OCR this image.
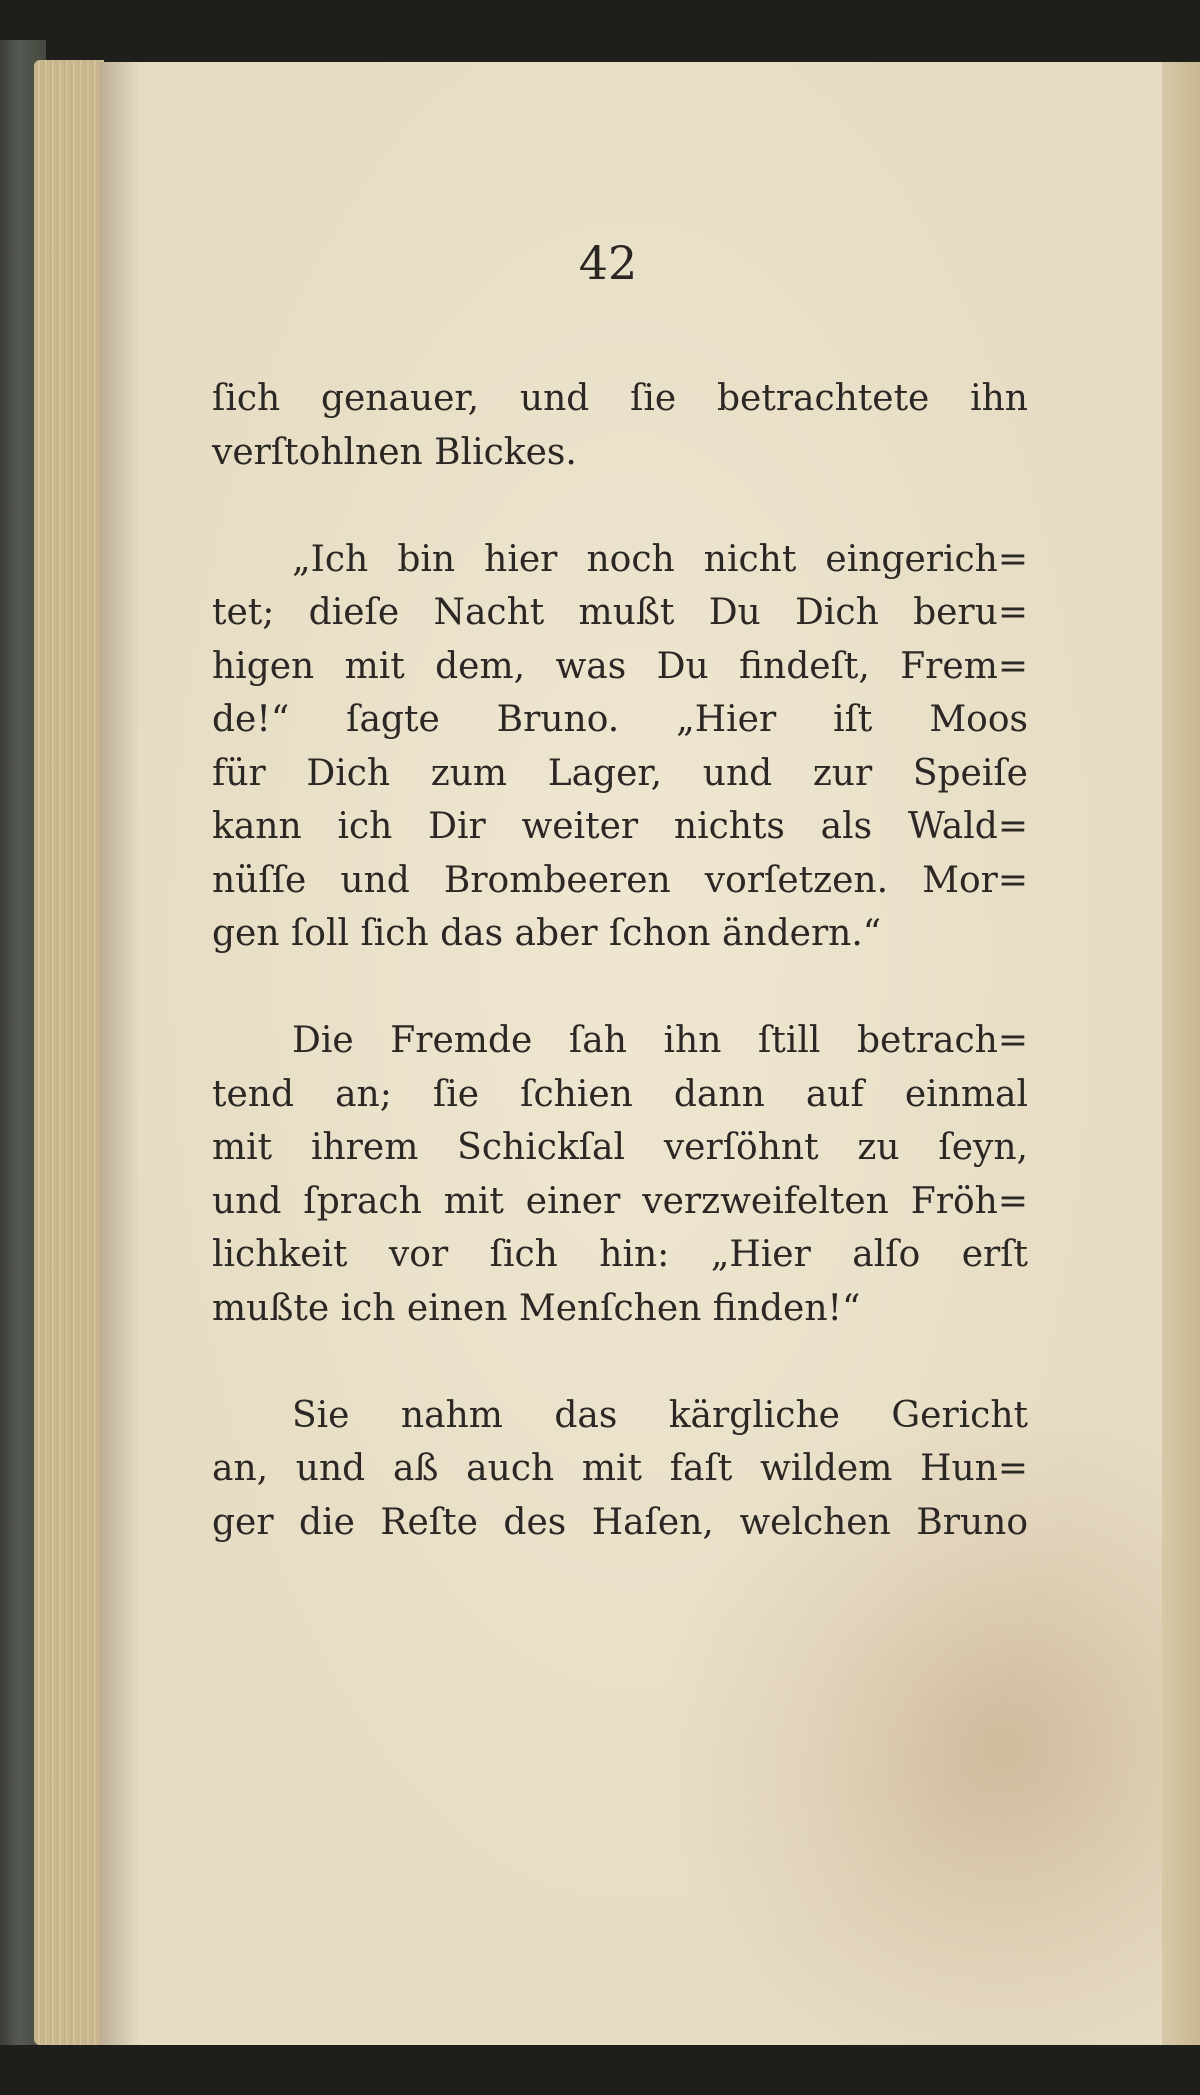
42

ſich genauer, und ſie betrachtete ihn
verſtohlnen Blickes.

„Ich bin hier noch nicht eingerich=
tet; dieſe Nacht mußt Du Dich beru=
higen mit dem, was Du findeſt, Frem=
de!“ ſagte Bruno. „Hier iſt Moos
für Dich zum Lager, und zur Speiſe
kann ich Dir weiter nichts als Wald=
nüſſe und Brombeeren vorſetzen. Mor=
gen ſoll ſich das aber ſchon ändern.“

Die Fremde ſah ihn ſtill betrach=
tend an; ſie ſchien dann auf einmal
mit ihrem Schickſal verſöhnt zu ſeyn,
und ſprach mit einer verzweifelten Fröh=
lichkeit vor ſich hin: „Hier alſo erſt
mußte ich einen Menſchen finden!“

Sie nahm das kärgliche Gericht
an, und aß auch mit faſt wildem Hun=
ger die Reſte des Haſen, welchen Bruno
